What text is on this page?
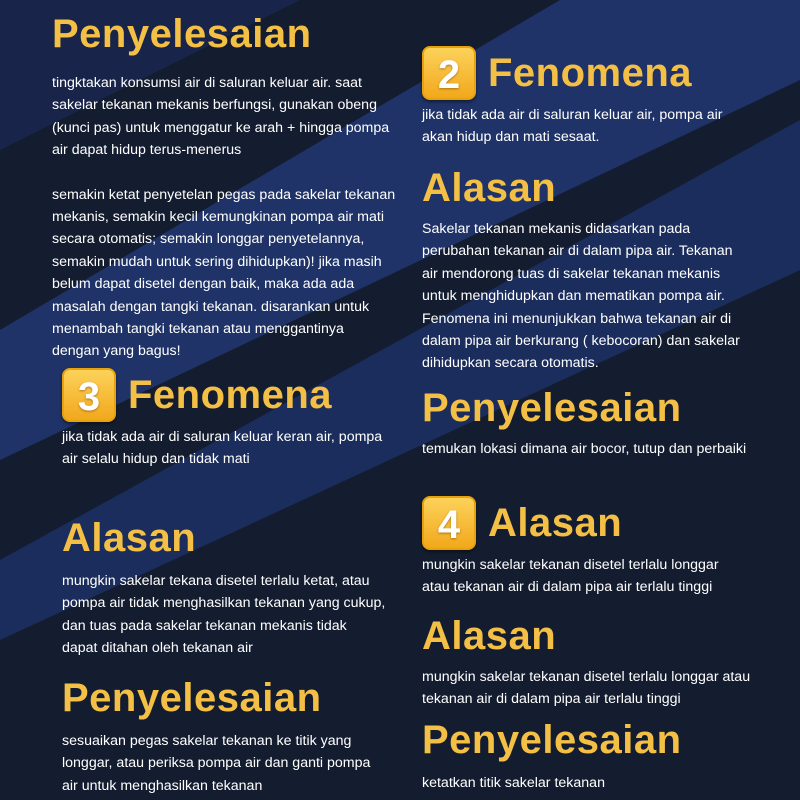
Penyelesaian
tingktakan konsumsi air di saluran keluar air. saat
sakelar tekanan mekanis berfungsi, gunakan obeng
(kunci pas) untuk menggatur ke arah + hingga pompa
air dapat hidup terus-menerus
semakin ketat penyetelan pegas pada sakelar tekanan
mekanis, semakin kecil kemungkinan pompa air mati
secara otomatis; semakin longgar penyetelannya,
semakin mudah untuk sering dihidupkan)! jika masih
belum dapat disetel dengan baik, maka ada ada
masalah dengan tangki tekanan. disarankan untuk
menambah tangki tekanan atau menggantinya
dengan yang bagus!
2 Fenomena
jika tidak ada air di saluran keluar air, pompa air
akan hidup dan mati sesaat.
Alasan
Sakelar tekanan mekanis didasarkan pada
perubahan tekanan air di dalam pipa air. Tekanan
air mendorong tuas di sakelar tekanan mekanis
untuk menghidupkan dan mematikan pompa air.
Fenomena ini menunjukkan bahwa tekanan air di
dalam pipa air berkurang ( kebocoran) dan sakelar
dihidupkan secara otomatis.
Penyelesaian
temukan lokasi dimana air bocor, tutup dan perbaiki
3 Fenomena
jika tidak ada air di saluran keluar keran air, pompa
air selalu hidup dan tidak mati
Alasan
mungkin sakelar tekana disetel terlalu ketat, atau
pompa air tidak menghasilkan tekanan yang cukup,
dan tuas pada sakelar tekanan mekanis tidak
dapat ditahan oleh tekanan air
Penyelesaian
sesuaikan pegas sakelar tekanan ke titik yang
longgar, atau periksa pompa air dan ganti pompa
air untuk menghasilkan tekanan
4 Alasan
mungkin sakelar tekanan disetel terlalu longgar
atau tekanan air di dalam pipa air terlalu tinggi
Alasan
mungkin sakelar tekanan disetel terlalu longgar atau
tekanan air di dalam pipa air terlalu tinggi
Penyelesaian
ketatkan titik sakelar tekanan
